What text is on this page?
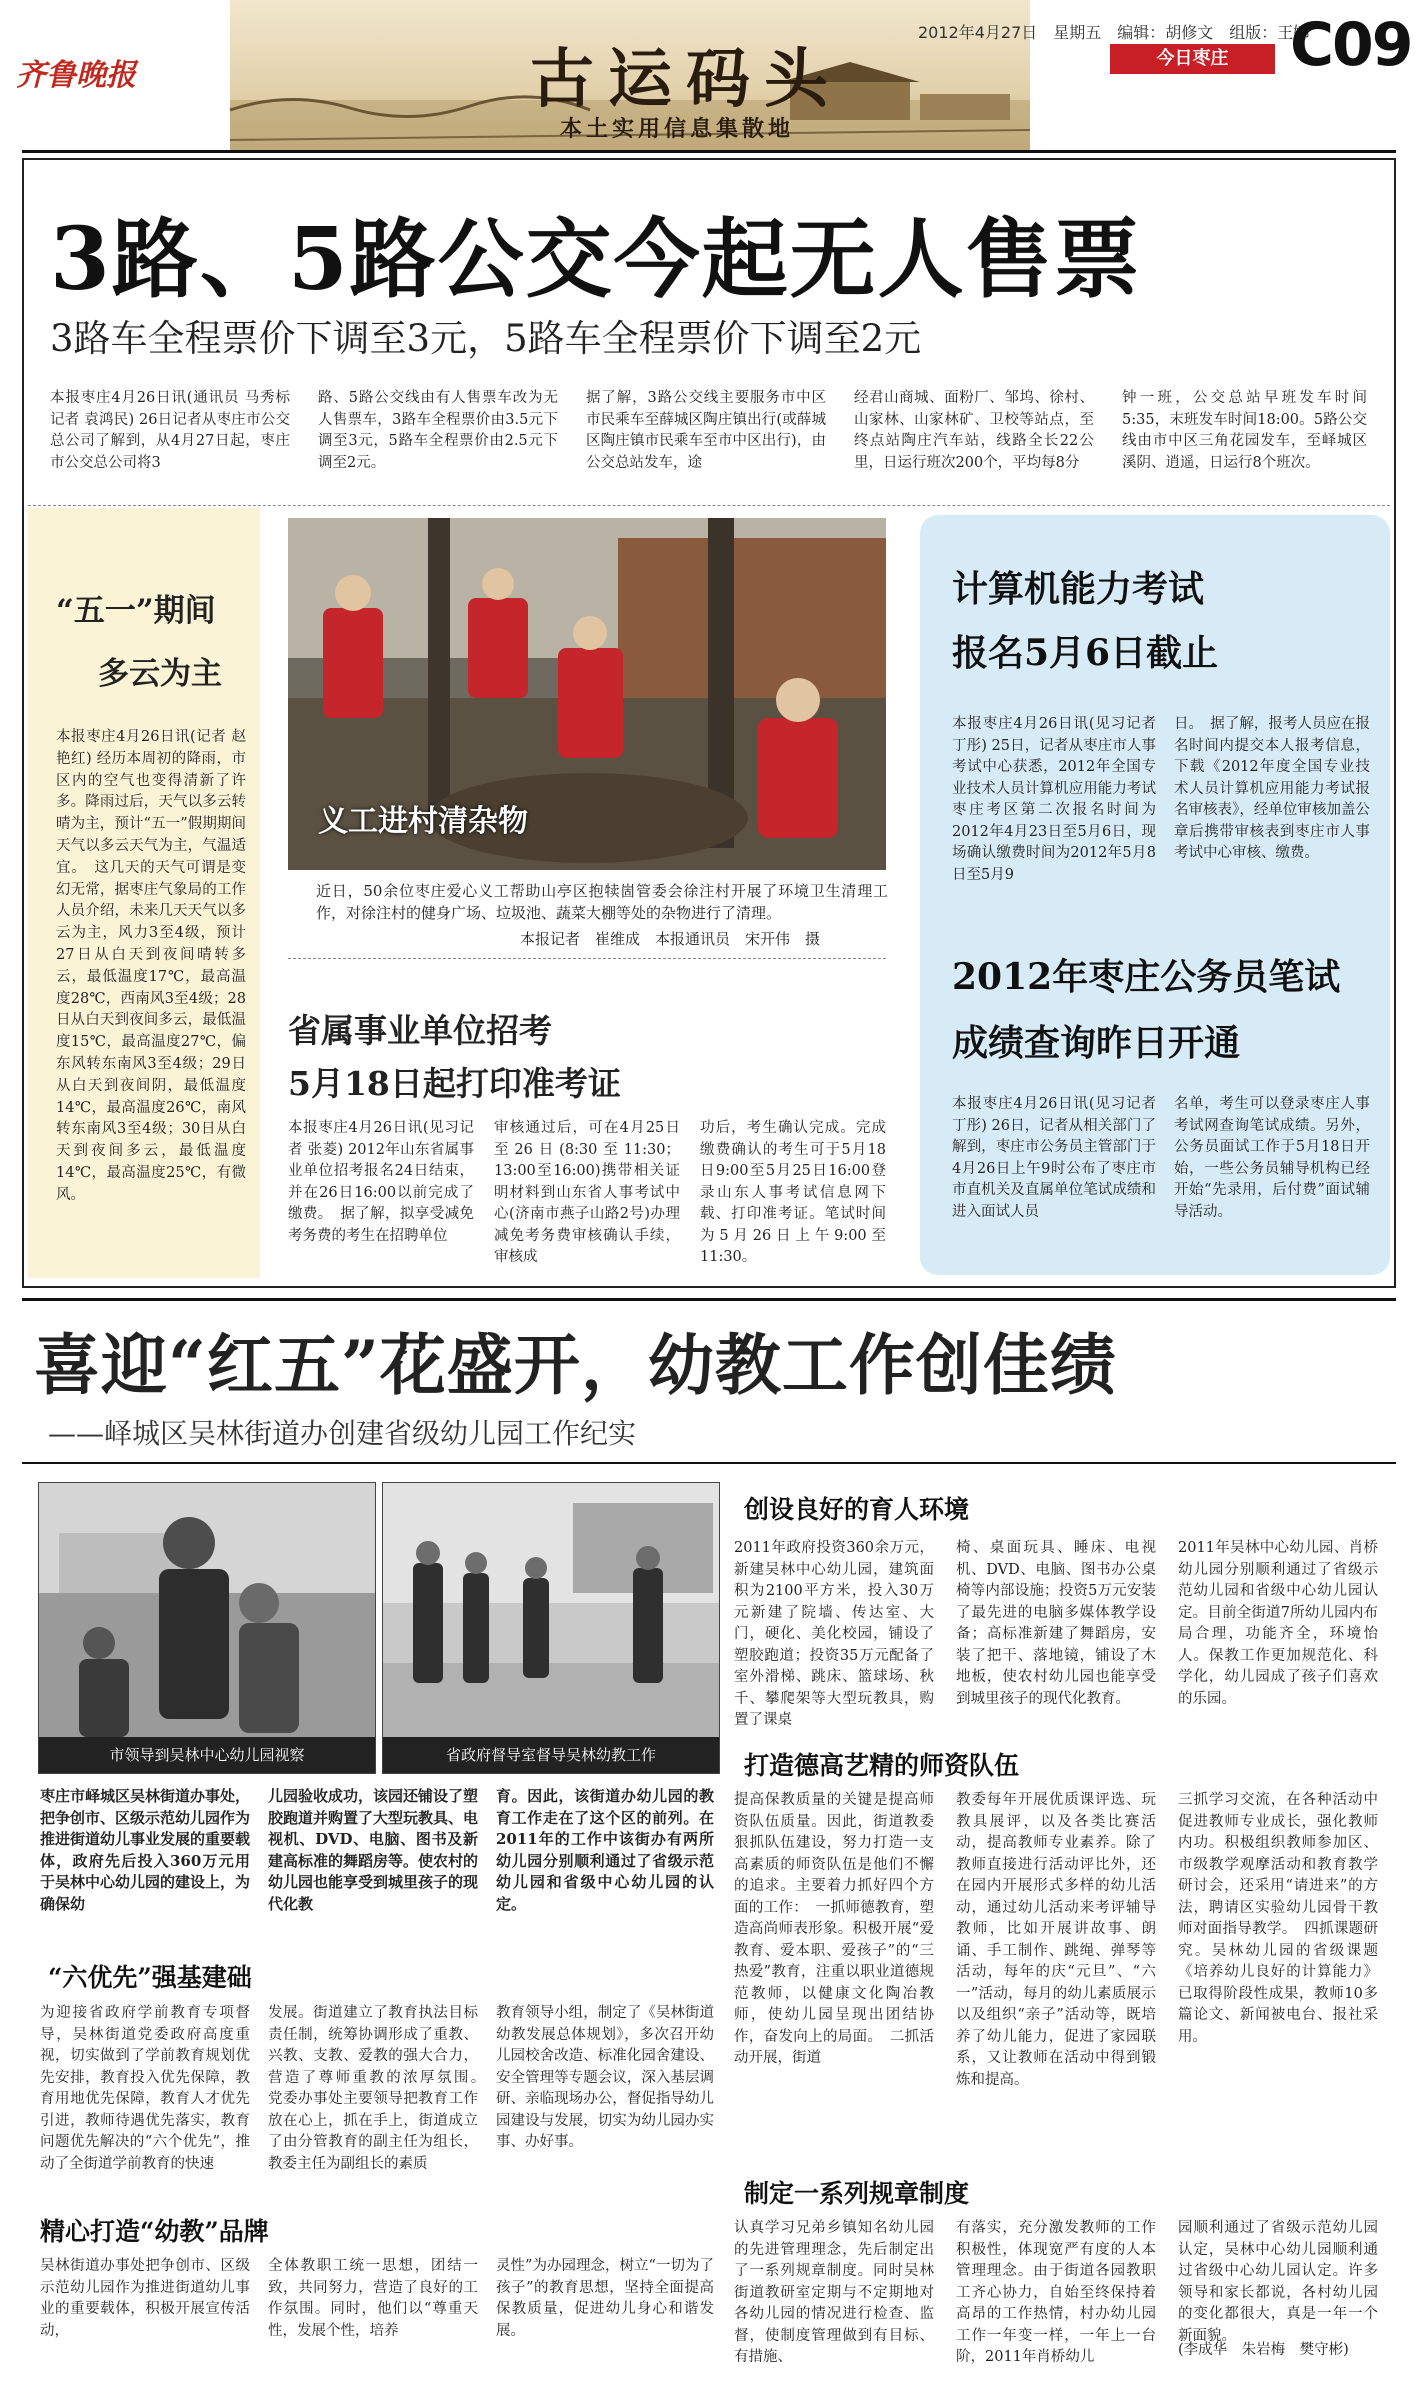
齐鲁晚报	古运码头
本土实用信息集散地
2012年4月27日　星期五　编辑：胡修文　组版：王娜
今日枣庄	C09
3路、5路公交今起无人售票
3路车全程票价下调至3元，5路车全程票价下调至2元
本报枣庄4月26日讯(通讯员 马秀标 记者 袁鸿民) 26日记者从枣庄市公交总公司了解到，从4月27日起，枣庄市公交总公司将3
路、5路公交线由有人售票车改为无人售票车，3路车全程票价由3.5元下调至3元，5路车全程票价由2.5元下调至2元。
据了解，3路公交线主要服务市中区市民乘车至薛城区陶庄镇出行(或薛城区陶庄镇市民乘车至市中区出行)，由公交总站发车，途
经君山商城、面粉厂、邹坞、徐村、山家林、山家林矿、卫校等站点，至终点站陶庄汽车站，线路全长22公里，日运行班次200个，平均每8分
钟一班，公交总站早班发车时间5:35，末班发车时间18:00。5路公交线由市中区三角花园发车，至峄城区溪阴、逍遥，日运行8个班次。
“五一”期间
多云为主
本报枣庄4月26日讯(记者 赵艳红) 经历本周初的降雨，市区内的空气也变得清新了许多。降雨过后，天气以多云转晴为主，预计“五一”假期期间天气以多云天气为主，气温适宜。　这几天的天气可谓是变幻无常，据枣庄气象局的工作人员介绍，未来几天天气以多云为主，风力3至4级，预计27日从白天到夜间晴转多云，最低温度17℃，最高温度28℃，西南风3至4级；28日从白天到夜间多云，最低温度15℃，最高温度27℃，偏东风转东南风3至4级；29日从白天到夜间阴，最低温度14℃，最高温度26℃，南风转东南风3至4级；30日从白天到夜间多云，最低温度14℃，最高温度25℃，有微风。
义工进村清杂物
近日，50余位枣庄爱心义工帮助山亭区抱犊崮管委会徐注村开展了环境卫生清理工作，对徐注村的健身广场、垃圾池、蔬菜大棚等处的杂物进行了清理。
本报记者　崔维成　本报通讯员　宋开伟　摄
省属事业单位招考
5月18日起打印准考证
本报枣庄4月26日讯(见习记者 张菱) 2012年山东省属事业单位招考报名24日结束，并在26日16:00以前完成了缴费。　据了解，拟享受减免考务费的考生在招聘单位
审核通过后，可在4月25日至26日(8:30至11:30；13:00至16:00)携带相关证明材料到山东省人事考试中心(济南市燕子山路2号)办理减免考务费审核确认手续，审核成
功后，考生确认完成。完成缴费确认的考生可于5月18日9:00至5月25日16:00登录山东人事考试信息网下载、打印准考证。笔试时间为5月26日上午9:00至11:30。
计算机能力考试
报名5月6日截止
本报枣庄4月26日讯(见习记者 丁彤) 25日，记者从枣庄市人事考试中心获悉，2012年全国专业技术人员计算机应用能力考试枣庄考区第二次报名时间为2012年4月23日至5月6日，现场确认缴费时间为2012年5月8日至5月9
日。　据了解，报考人员应在报名时间内提交本人报考信息，下载《2012年度全国专业技术人员计算机应用能力考试报名审核表》，经单位审核加盖公章后携带审核表到枣庄市人事考试中心审核、缴费。
2012年枣庄公务员笔试
成绩查询昨日开通
本报枣庄4月26日讯(见习记者 丁彤) 26日，记者从相关部门了解到，枣庄市公务员主管部门于4月26日上午9时公布了枣庄市市直机关及直属单位笔试成绩和进入面试人员
名单，考生可以登录枣庄人事考试网查询笔试成绩。另外，公务员面试工作于5月18日开始，一些公务员辅导机构已经开始“先录用，后付费”面试辅导活动。
喜迎“红五”花盛开，幼教工作创佳绩
——峄城区吴林街道办创建省级幼儿园工作纪实
市领导到吴林中心幼儿园视察	省政府督导室督导吴林幼教工作
枣庄市峄城区吴林街道办事处，把争创市、区级示范幼儿园作为推进街道幼儿事业发展的重要载体，政府先后投入360万元用于吴林中心幼儿园的建设上，为确保幼
儿园验收成功，该园还铺设了塑胶跑道并购置了大型玩教具、电视机、DVD、电脑、图书及新建高标准的舞蹈房等。使农村的幼儿园也能享受到城里孩子的现代化教
育。因此，该街道办幼儿园的教育工作走在了这个区的前列。在2011年的工作中该街办有两所幼儿园分别顺利通过了省级示范幼儿园和省级中心幼儿园的认定。
“六优先”强基建础
为迎接省政府学前教育专项督导，吴林街道党委政府高度重视，切实做到了学前教育规划优先安排，教育投入优先保障，教育用地优先保障，教育人才优先引进，教师待遇优先落实，教育问题优先解决的“六个优先”，推动了全街道学前教育的快速
发展。街道建立了教育执法目标责任制，统筹协调形成了重教、兴教、支教、爱教的强大合力，营造了尊师重教的浓厚氛围。　党委办事处主要领导把教育工作放在心上，抓在手上，街道成立了由分管教育的副主任为组长，教委主任为副组长的素质
教育领导小组，制定了《吴林街道幼教发展总体规划》，多次召开幼儿园校舍改造、标准化园舍建设、安全管理等专题会议，深入基层调研、亲临现场办公，督促指导幼儿园建设与发展，切实为幼儿园办实事、办好事。
精心打造“幼教”品牌
吴林街道办事处把争创市、区级示范幼儿园作为推进街道幼儿事业的重要载体，积极开展宣传活动，
全体教职工统一思想，团结一致，共同努力，营造了良好的工作氛围。同时，他们以“尊重天性，发展个性，培养
灵性”为办园理念，树立“一切为了孩子”的教育思想，坚持全面提高保教质量，促进幼儿身心和谐发展。
创设良好的育人环境
2011年政府投资360余万元，新建吴林中心幼儿园，建筑面积为2100平方米，投入30万元新建了院墙、传达室、大门，硬化、美化校园，铺设了塑胶跑道；投资35万元配备了室外滑梯、跳床、篮球场、秋千、攀爬架等大型玩教具，购置了课桌
椅、桌面玩具、睡床、电视机、DVD、电脑、图书办公桌椅等内部设施；投资5万元安装了最先进的电脑多媒体教学设备；高标准新建了舞蹈房，安装了把干、落地镜，铺设了木地板，使农村幼儿园也能享受到城里孩子的现代化教育。
2011年吴林中心幼儿园、肖桥幼儿园分别顺利通过了省级示范幼儿园和省级中心幼儿园认定。目前全街道7所幼儿园内布局合理，功能齐全，环境怡人。保教工作更加规范化、科学化，幼儿园成了孩子们喜欢的乐园。
打造德高艺精的师资队伍
提高保教质量的关键是提高师资队伍质量。因此，街道教委狠抓队伍建设，努力打造一支高素质的师资队伍是他们不懈的追求。主要着力抓好四个方面的工作：　一抓师德教育，塑造高尚师表形象。积极开展“爱教育、爱本职、爱孩子”的“三热爱”教育，注重以职业道德规范教师，以健康文化陶冶教师，使幼儿园呈现出团结协作，奋发向上的局面。　二抓活动开展，街道
教委每年开展优质课评选、玩教具展评，以及各类比赛活动，提高教师专业素养。除了教师直接进行活动评比外，还在园内开展形式多样的幼儿活动，通过幼儿活动来考评辅导教师，比如开展讲故事、朗诵、手工制作、跳绳、弹琴等活动，每年的庆“元旦”、“六一”活动，每月的幼儿素质展示以及组织“亲子”活动等，既培养了幼儿能力，促进了家园联系，又让教师在活动中得到锻炼和提高。
三抓学习交流，在各种活动中促进教师专业成长，强化教师内功。积极组织教师参加区、市级教学观摩活动和教育教学研讨会，还采用“请进来”的方法，聘请区实验幼儿园骨干教师对面指导教学。　四抓课题研究。吴林幼儿园的省级课题《培养幼儿良好的计算能力》已取得阶段性成果，教师10多篇论文、新闻被电台、报社采用。
制定一系列规章制度
认真学习兄弟乡镇知名幼儿园的先进管理理念，先后制定出了一系列规章制度。同时吴林街道教研室定期与不定期地对各幼儿园的情况进行检查、监督，使制度管理做到有目标、有措施、
有落实，充分激发教师的工作积极性，体现宽严有度的人本管理理念。由于街道各园教职工齐心协力，自始至终保持着高昂的工作热情，村办幼儿园工作一年变一样，一年上一台阶，2011年肖桥幼儿
园顺利通过了省级示范幼儿园认定，吴林中心幼儿园顺利通过省级中心幼儿园认定。许多领导和家长都说，各村幼儿园的变化都很大，真是一年一个新面貌。
(李成华　朱岩梅　樊守彬)
